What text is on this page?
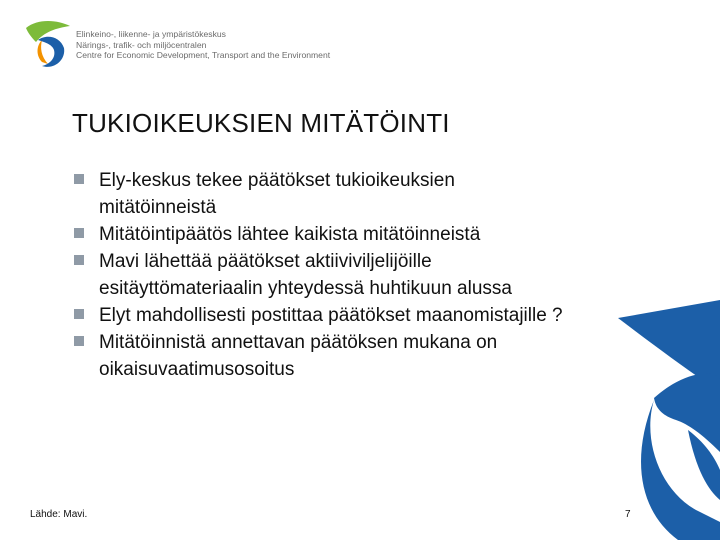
Elinkeino-, liikenne- ja ympäristökeskus
Närings-, trafik- och miljöcentralen
Centre for Economic Development, Transport and the Environment
TUKIOIKEUKSIEN MITÄTÖINTI
Ely-keskus tekee päätökset tukioikeuksien mitätöinneistä
Mitätöintipäätös lähtee kaikista mitätöinneistä
Mavi lähettää päätökset aktiiviviljelijöille esitäyttömateriaalin yhteydessä huhtikuun alussa
Elyt mahdollisesti postittaa päätökset maanomistajille ?
Mitätöinnistä annettavan päätöksen mukana on oikaisuvaatimusosoitus
Lähde: Mavi.	7
